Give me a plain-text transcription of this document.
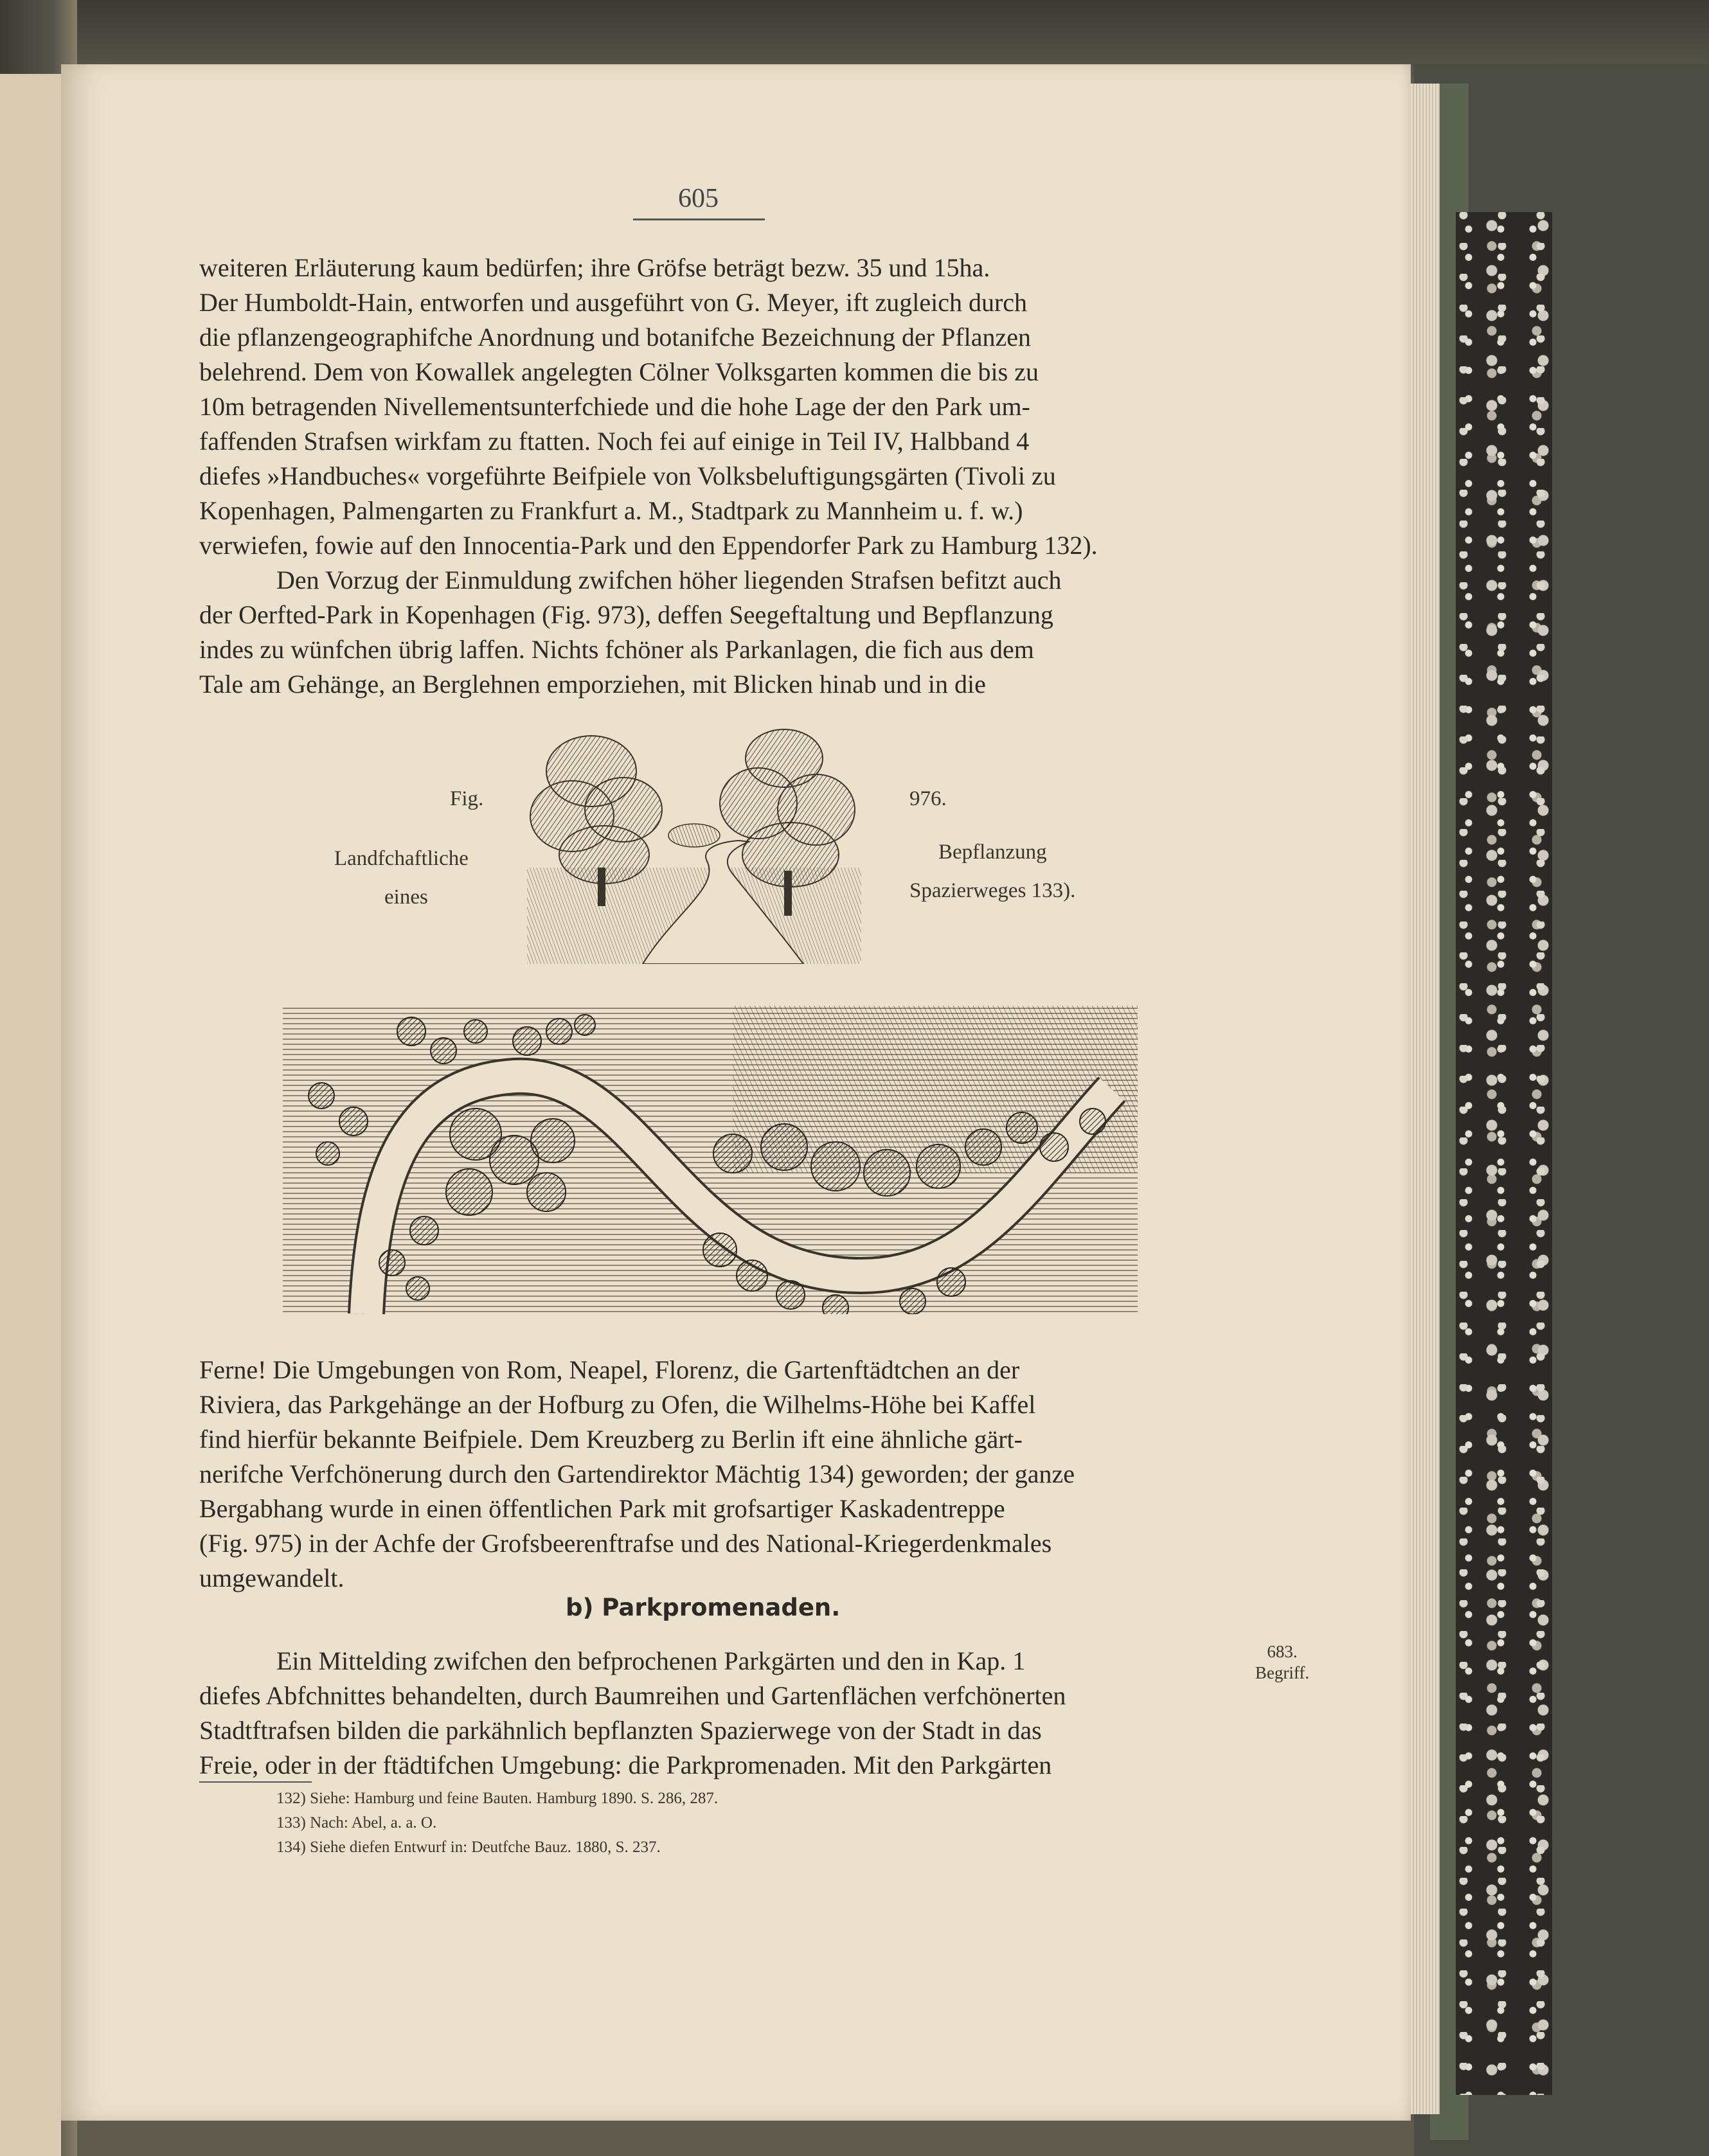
605

weiteren Erläuterung kaum bedürfen; ihre Gröfse beträgt bezw. 35 und 15ha.

Der Humboldt-Hain, entworfen und ausgeführt von G. Meyer, ift zugleich durch

die pflanzengeographifche Anordnung und botanifche Bezeichnung der Pflanzen

belehrend. Dem von Kowallek angelegten Cölner Volksgarten kommen die bis zu

10m betragenden Nivellementsunterfchiede und die hohe Lage der den Park um-

faffenden Strafsen wirkfam zu ftatten. Noch fei auf einige in Teil IV, Halbband 4

diefes »Handbuches« vorgeführte Beifpiele von Volksbeluftigungsgärten (Tivoli zu

Kopenhagen, Palmengarten zu Frankfurt a. M., Stadtpark zu Mannheim u. f. w.)

verwiefen, fowie auf den Innocentia-Park und den Eppendorfer Park zu Hamburg 132).

Den Vorzug der Einmuldung zwifchen höher liegenden Strafsen befitzt auch

der Oerfted-Park in Kopenhagen (Fig. 973), deffen Seegeftaltung und Bepflanzung

indes zu wünfchen übrig laffen. Nichts fchöner als Parkanlagen, die fich aus dem

Tale am Gehänge, an Berglehnen emporziehen, mit Blicken hinab und in die

Fig.	976.
Landfchaftliche
eines
Bepflanzung
Spazierweges 133).

Ferne! Die Umgebungen von Rom, Neapel, Florenz, die Gartenftädtchen an der

Riviera, das Parkgehänge an der Hofburg zu Ofen, die Wilhelms-Höhe bei Kaffel

find hierfür bekannte Beifpiele. Dem Kreuzberg zu Berlin ift eine ähnliche gärt-

nerifche Verfchönerung durch den Gartendirektor Mächtig 134) geworden; der ganze

Bergabhang wurde in einen öffentlichen Park mit grofsartiger Kaskadentreppe

(Fig. 975) in der Achfe der Grofsbeerenftrafse und des National-Kriegerdenkmales

umgewandelt.

b) Parkpromenaden.

Ein Mittelding zwifchen den befprochenen Parkgärten und den in Kap. 1

diefes Abfchnittes behandelten, durch Baumreihen und Gartenflächen verfchönerten

Stadtftrafsen bilden die parkähnlich bepflanzten Spazierwege von der Stadt in das

Freie, oder in der ftädtifchen Umgebung: die Parkpromenaden. Mit den Parkgärten

683.
Begriff.
132) Siehe: Hamburg und feine Bauten. Hamburg 1890. S. 286, 287.
133) Nach: Abel, a. a. O.
134) Siehe diefen Entwurf in: Deutfche Bauz. 1880, S. 237.
